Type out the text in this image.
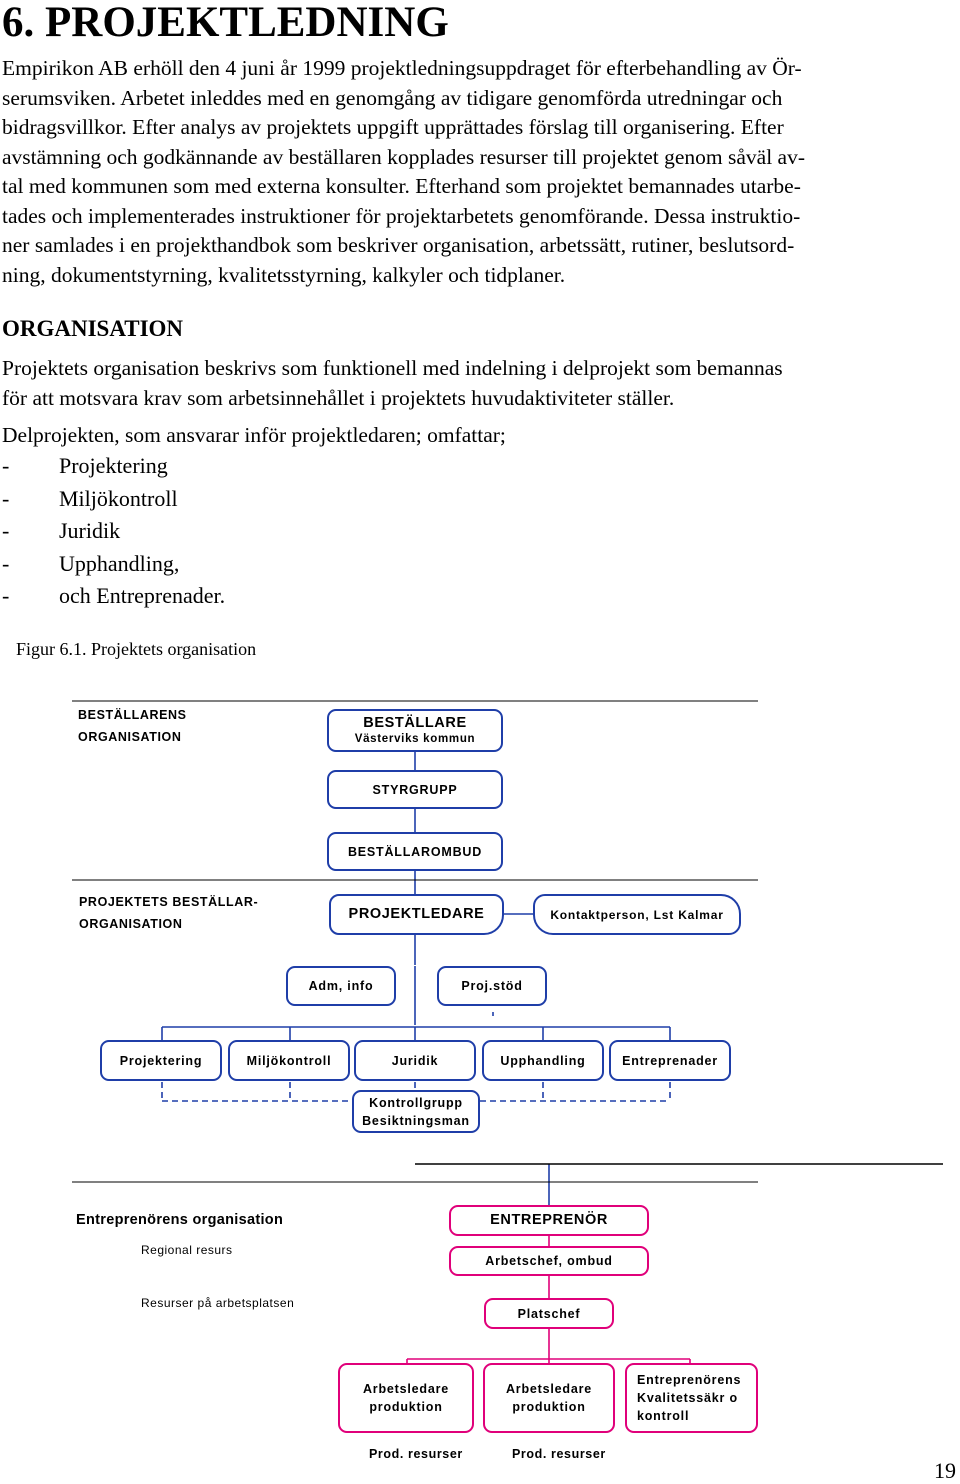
6. PROJEKTLEDNING
Empirikon AB erhöll den 4 juni år 1999 projektledningsuppdraget för efterbehandling av Ör-
serumsviken. Arbetet inleddes med en genomgång av tidigare genomförda utredningar och
bidragsvillkor. Efter analys av projektets uppgift upprättades förslag till organisering. Efter
avstämning och godkännande av beställaren kopplades resurser till projektet genom såväl av-
tal med kommunen som med externa konsulter. Efterhand som projektet bemannades utarbe-
tades och implementerades instruktioner för projektarbetets genomförande. Dessa instruktio-
ner samlades i en projekthandbok som beskriver organisation, arbetssätt, rutiner, beslutsord-
ning, dokumentstyrning, kvalitetsstyrning, kalkyler och tidplaner.
ORGANISATION
Projektets organisation beskrivs som funktionell med indelning i delprojekt som bemannas
för att motsvara krav som arbetsinnehållet i projektets huvudaktiviteter ställer.
Delprojekten, som ansvarar inför projektledaren; omfattar;
- Projektering
- Miljökontroll
- Juridik
- Upphandling,
- och Entreprenader.
Figur 6.1. Projektets organisation
BESTÄLLARENS
ORGANISATION
PROJEKTETS BESTÄLLAR-
ORGANISATION
Entreprenörens organisation
Regional resurs
Resurser på arbetsplatsen
BESTÄLLARE
Västerviks kommun
STYRGRUPP
BESTÄLLAROMBUD
PROJEKTLEDARE	Kontaktperson, Lst Kalmar
Adm, info	Proj.stöd
Projektering	Miljökontroll	Juridik	Upphandling	Entreprenader
Kontrollgrupp
Besiktningsman
ENTREPRENÖR
Arbetschef, ombud
Platschef
Arbetsledare
produktion
Arbetsledare
produktion
Entreprenörens
Kvalitetssäkr o
kontroll
Prod. resurser	Prod. resurser
19
